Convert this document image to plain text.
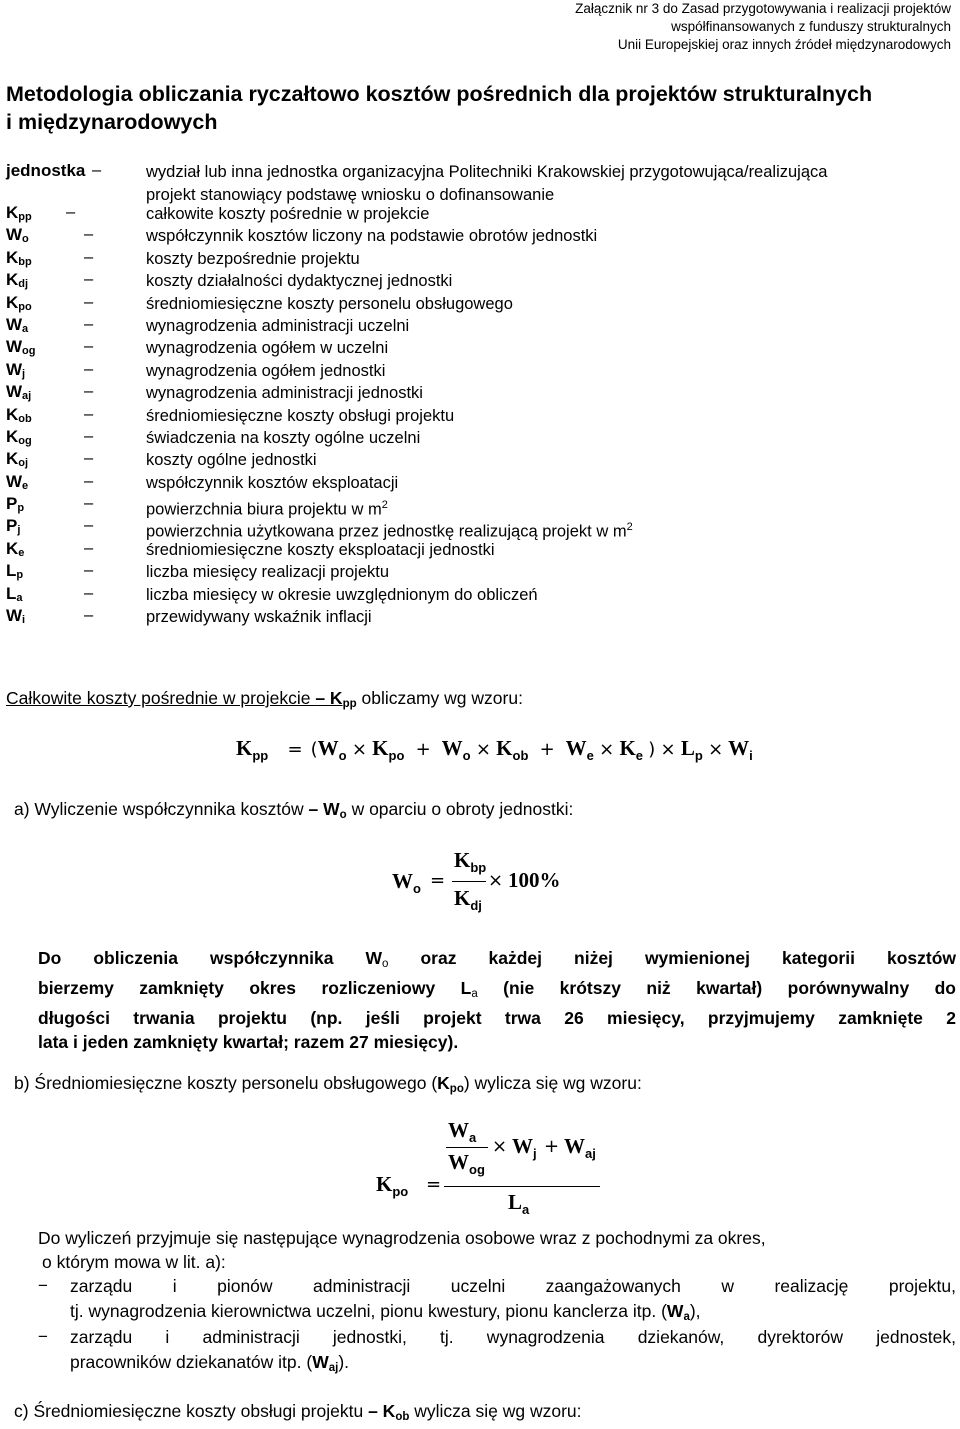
Załącznik nr 3 do Zasad przygotowywania i realizacji projektów
współfinansowanych z funduszy strukturalnych
Unii Europejskiej oraz innych źródeł międzynarodowych
Metodologia obliczania ryczałtowo kosztów pośrednich dla projektów strukturalnych
i międzynarodowych
jednostka –	wydział lub inna jednostka organizacyjna Politechniki Krakowskiej przygotowująca/realizująca
projekt stanowiący podstawę wniosku o dofinansowanie
$K_{pp}$ –	całkowite koszty pośrednie w projekcie
$W_o$	–	współczynnik kosztów liczony na podstawie obrotów jednostki
$K_{bp}$	–	koszty bezpośrednie projektu
$K_{dj}$	–	koszty działalności dydaktycznej jednostki
$K_{po}$	–	średniomiesięczne koszty personelu obsługowego
$W_a$	–	wynagrodzenia administracji uczelni
$W_{og}$	–	wynagrodzenia ogółem w uczelni
$W_j$	–	wynagrodzenia ogółem jednostki
$W_{aj}$	–	wynagrodzenia administracji jednostki
$K_{ob}$	–	średniomiesięczne koszty obsługi projektu
$K_{og}$	–	świadczenia na koszty ogólne uczelni
$K_{oj}$	–	koszty ogólne jednostki
$W_e$	–	współczynnik kosztów eksploatacji
$P_p$	–	powierzchnia biura projektu w $m^2$
$P_j$	–	powierzchnia użytkowana przez jednostkę realizującą projekt w $m^2$
$K_e$	–	średniomiesięczne koszty eksploatacji jednostki
$L_p$	–	liczba miesięcy realizacji projektu
$L_a$	–	liczba miesięcy w okresie uwzględnionym do obliczeń
$W_i$	–	przewidywany wskaźnik inflacji
Całkowite koszty pośrednie w projekcie – $K_{pp}$ obliczamy wg wzoru:
$K_{pp} = (W_o \times K_{po} + W_o \times K_{ob} + W_e \times K_e$ ) × $L_p \times W_i$
a) Wyliczenie współczynnika kosztów – $W_o$ w oparciu o obroty jednostki:
$W_o$ =
$K_{bp}$
$K_{dj}$
× 100%
Do obliczenia współczynnika $W_o$ oraz każdej niżej wymienionej kategorii kosztów
bierzemy zamknięty okres rozliczeniowy $L_a$ (nie krótszy niż kwartał) porównywalny do
długości trwania projektu (np. jeśli projekt trwa 26 miesięcy, przyjmujemy zamknięte 2
lata i jeden zamknięty kwartał; razem 27 miesięcy).
b) Średniomiesięczne koszty personelu obsługowego $(K_{po})$ wylicza się wg wzoru:
$K_{po}$ =
$W_a$
$W_{og}$
× $W_j + W_{aj}$
$L_a$
Do wyliczeń przyjmuje się następujące wynagrodzenia osobowe wraz z pochodnymi za okres,
o którym mowa w lit. a):
− zarządu i pionów administracji uczelni zaangażowanych w realizację projektu,
tj. wynagrodzenia kierownictwa uczelni, pionu kwestury, pionu kanclerza itp. $(W_a)$,
− zarządu i administracji jednostki, tj. wynagrodzenia dziekanów, dyrektorów jednostek,
pracowników dziekanatów itp. $(W_{aj})$.
c) Średniomiesięczne koszty obsługi projektu – $K_{ob}$ wylicza się wg wzoru:
